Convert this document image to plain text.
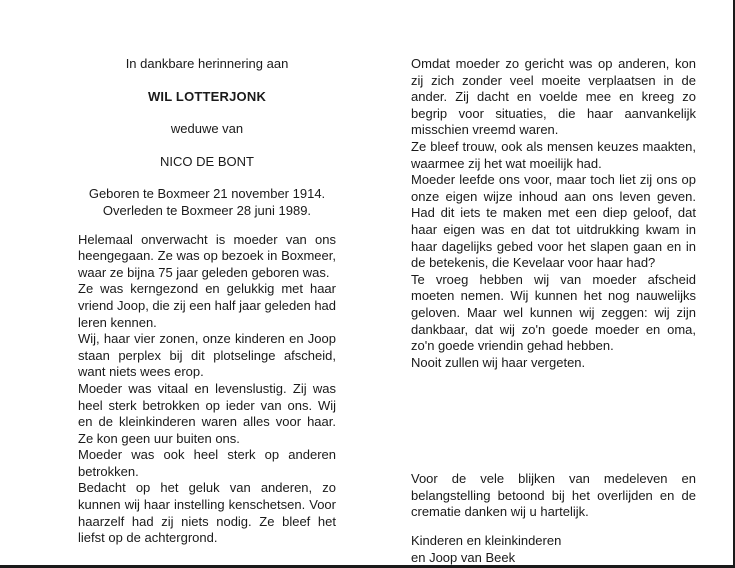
In dankbare herinnering aan

WIL LOTTERJONK

weduwe van

NICO DE BONT

Geboren te Boxmeer 21 november 1914.

Overleden te Boxmeer 28 juni 1989.

Helemaal onverwacht is moeder van ons heengegaan. Ze was op bezoek in Boxmeer, waar ze bijna 75 jaar geleden geboren was.

Ze was kerngezond en gelukkig met haar vriend Joop, die zij een half jaar geleden had leren kennen.

Wij, haar vier zonen, onze kinderen en Joop staan perplex bij dit plotselinge afscheid, want niets wees erop.

Moeder was vitaal en levenslustig. Zij was heel sterk betrokken op ieder van ons. Wij en de kleinkinderen waren alles voor haar. Ze kon geen uur buiten ons.

Moeder was ook heel sterk op anderen betrokken.

Bedacht op het geluk van anderen, zo kunnen wij haar instelling kenschetsen. Voor haarzelf had zij niets nodig. Ze bleef het liefst op de achtergrond.

Omdat moeder zo gericht was op anderen, kon zij zich zonder veel moeite verplaatsen in de ander. Zij dacht en voelde mee en kreeg zo begrip voor situaties, die haar aanvankelijk misschien vreemd waren.

Ze bleef trouw, ook als mensen keuzes maakten, waarmee zij het wat moeilijk had.

Moeder leefde ons voor, maar toch liet zij ons op onze eigen wijze inhoud aan ons leven geven. Had dit iets te maken met een diep geloof, dat haar eigen was en dat tot uitdrukking kwam in haar dagelijks gebed voor het slapen gaan en in de betekenis, die Kevelaar voor haar had?

Te vroeg hebben wij van moeder afscheid moeten nemen. Wij kunnen het nog nauwelijks geloven. Maar wel kunnen wij zeggen: wij zijn dankbaar, dat wij zo'n goede moeder en oma, zo'n goede vriendin gehad hebben.

Nooit zullen wij haar vergeten.

Voor de vele blijken van medeleven en belangstelling betoond bij het overlijden en de crematie danken wij u hartelijk.

Kinderen en kleinkinderen

en Joop van Beek
